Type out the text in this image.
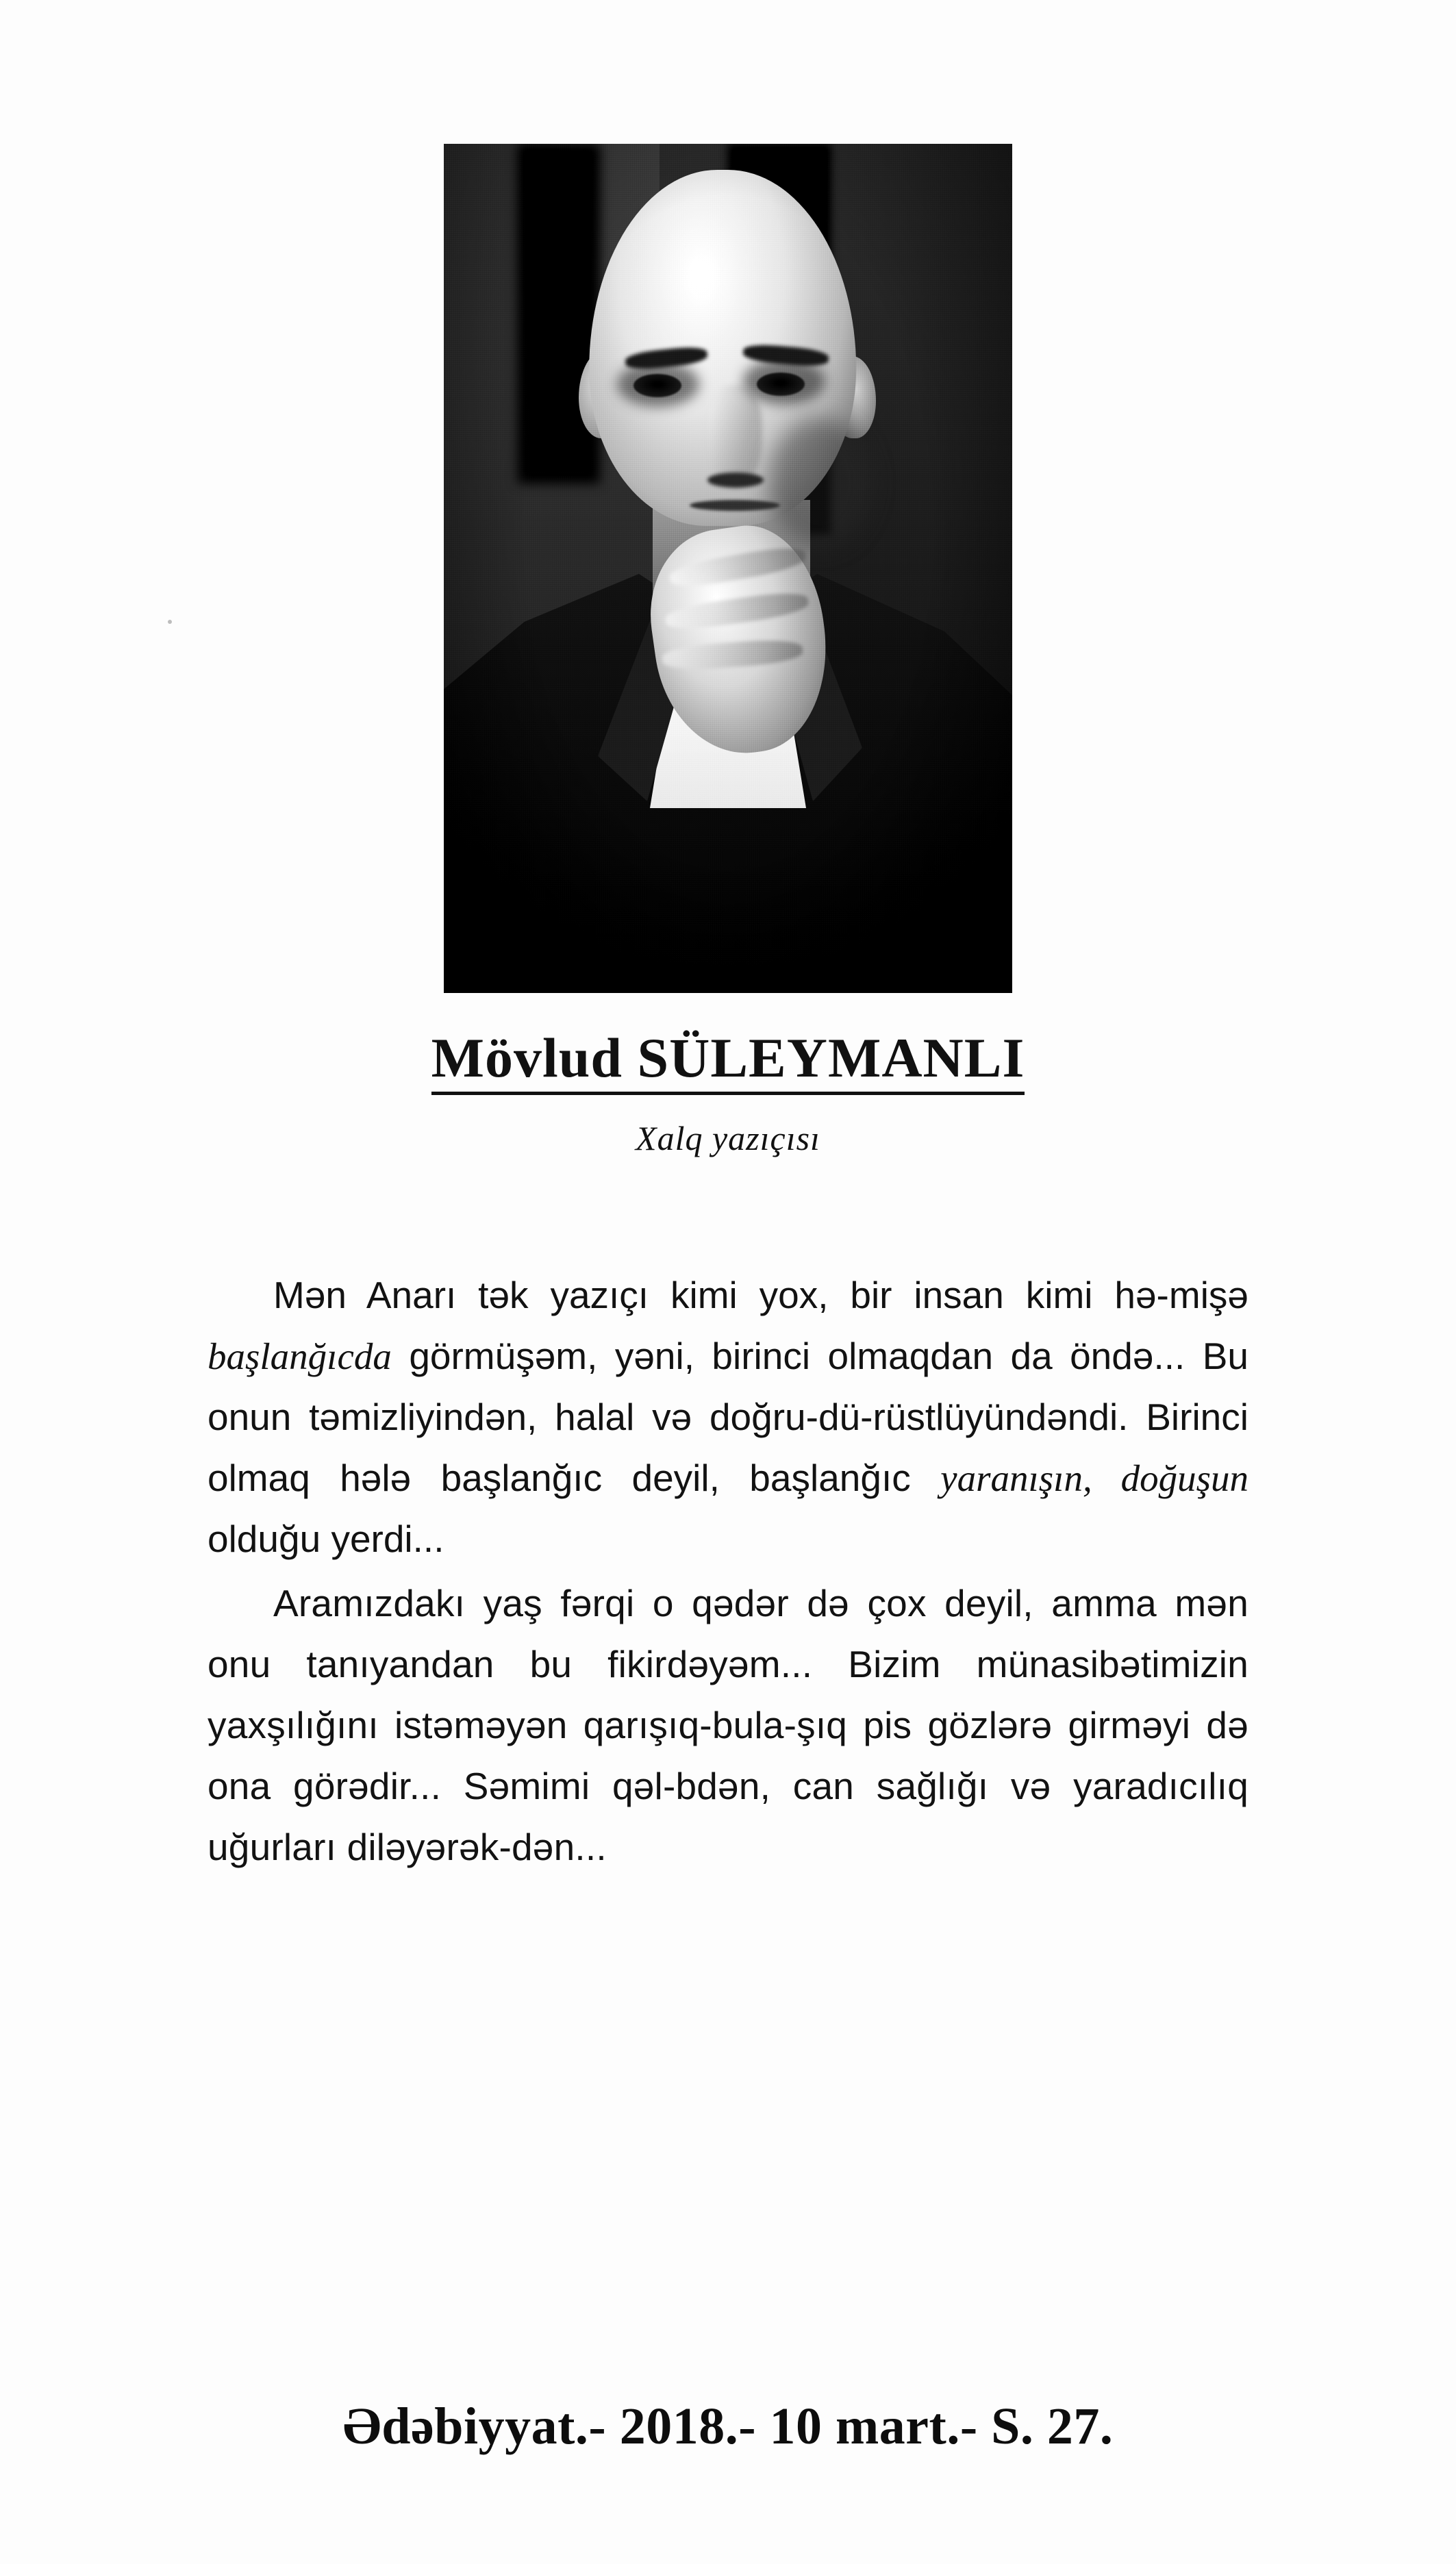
Mövlud SÜLEYMANLI
Xalq yazıçısı

Mən Anarı tək yazıçı kimi yox, bir insan kimi hə-mişə başlanğıcda görmüşəm, yəni, birinci olmaqdan da öndə... Bu onun təmizliyindən, halal və doğru-dü-rüstlüyündəndi. Birinci olmaq hələ başlanğıc deyil, başlanğıc yaranışın, doğuşun olduğu yerdi...

Aramızdakı yaş fərqi o qədər də çox deyil, amma mən onu tanıyandan bu fikirdəyəm... Bizim münasibətimizin yaxşılığını istəməyən qarışıq-bula-şıq pis gözlərə girməyi də ona görədir... Səmimi qəl-bdən, can sağlığı və yaradıcılıq uğurları diləyərək-dən...

Ədəbiyyat.- 2018.- 10 mart.- S. 27.
